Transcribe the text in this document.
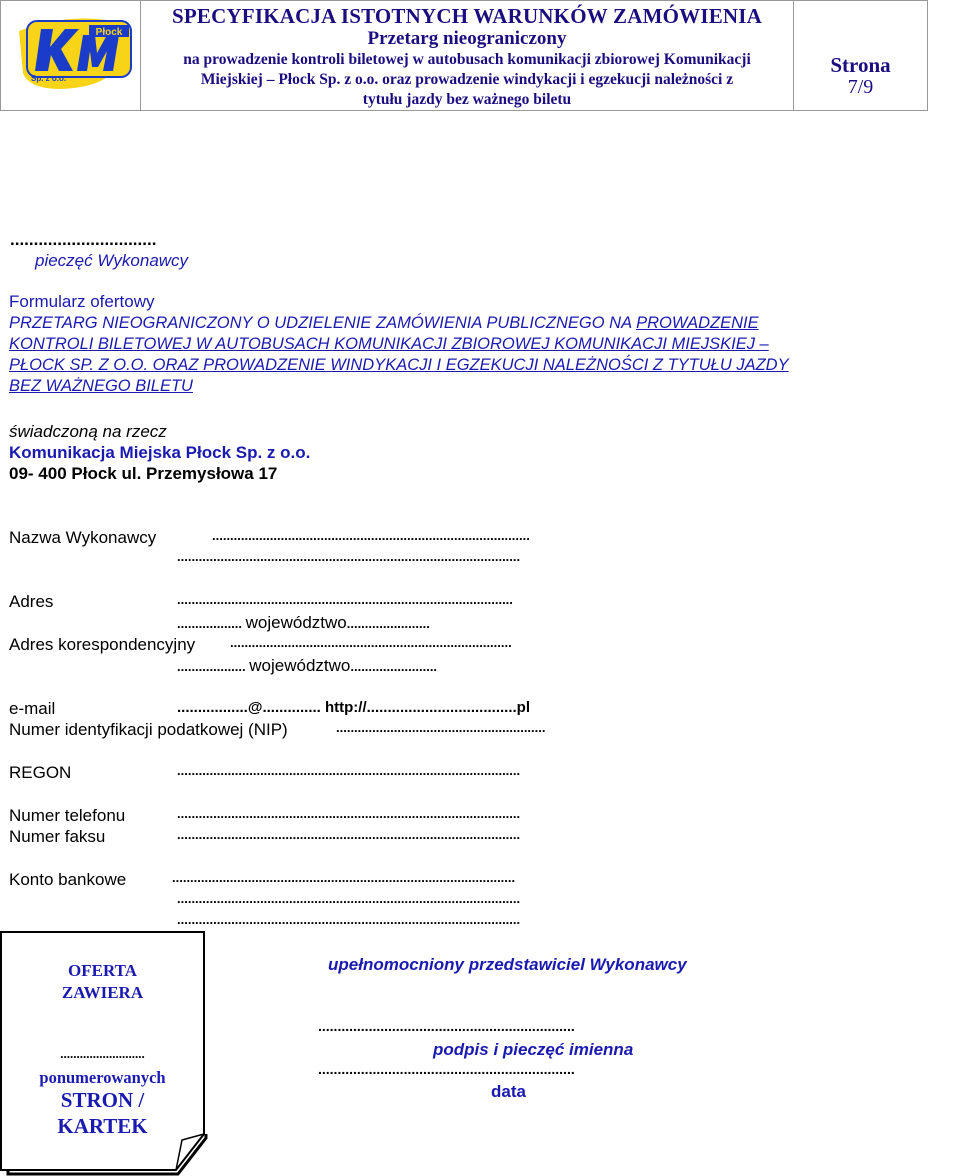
Płock
Sp. z o.o.
SPECYFIKACJA ISTOTNYCH WARUNKÓW ZAMÓWIENIA
Przetarg nieograniczony
na prowadzenie kontroli biletowej w autobusach komunikacji zbiorowej Komunikacji
Miejskiej – Płock Sp. z o.o. oraz prowadzenie windykacji i egzekucji należności z
tytułu jazdy bez ważnego biletu
Strona
7/9
...............................
pieczęć Wykonawcy
Formularz ofertowy
PRZETARG NIEOGRANICZONY O UDZIELENIE ZAMÓWIENIA PUBLICZNEGO NA PROWADZENIE
KONTROLI BILETOWEJ W AUTOBUSACH KOMUNIKACJI ZBIOROWEJ KOMUNIKACJI MIEJSKIEJ –
PŁOCK SP. Z O.O. ORAZ PROWADZENIE WINDYKACJI I EGZEKUCJI NALEŻNOŚCI Z TYTUŁU JAZDY
BEZ WAŻNEGO BILETU
świadczoną na rzecz
Komunikacja Miejska Płock Sp. z o.o.
09- 400 Płock ul. Przemysłowa 17
Nazwa Wykonawcy	........................................................................................
...............................................................................................
Adres	.............................................................................................
.................. województwo.......................
Adres korespondencyjny	..............................................................................
................... województwo........................
e-mail	.................@.............. http://....................................pl
Numer identyfikacji podatkowej (NIP)	..........................................................
REGON	...............................................................................................
Numer telefonu	...............................................................................................
Numer faksu	...............................................................................................
Konto bankowe	...............................................................................................
...............................................................................................
...............................................................................................
OFERTA
ZAWIERA
..........................
ponumerowanych
STRON /
KARTEK
upełnomocniony przedstawiciel Wykonawcy
..................................................................
podpis i pieczęć imienna
..................................................................
data
